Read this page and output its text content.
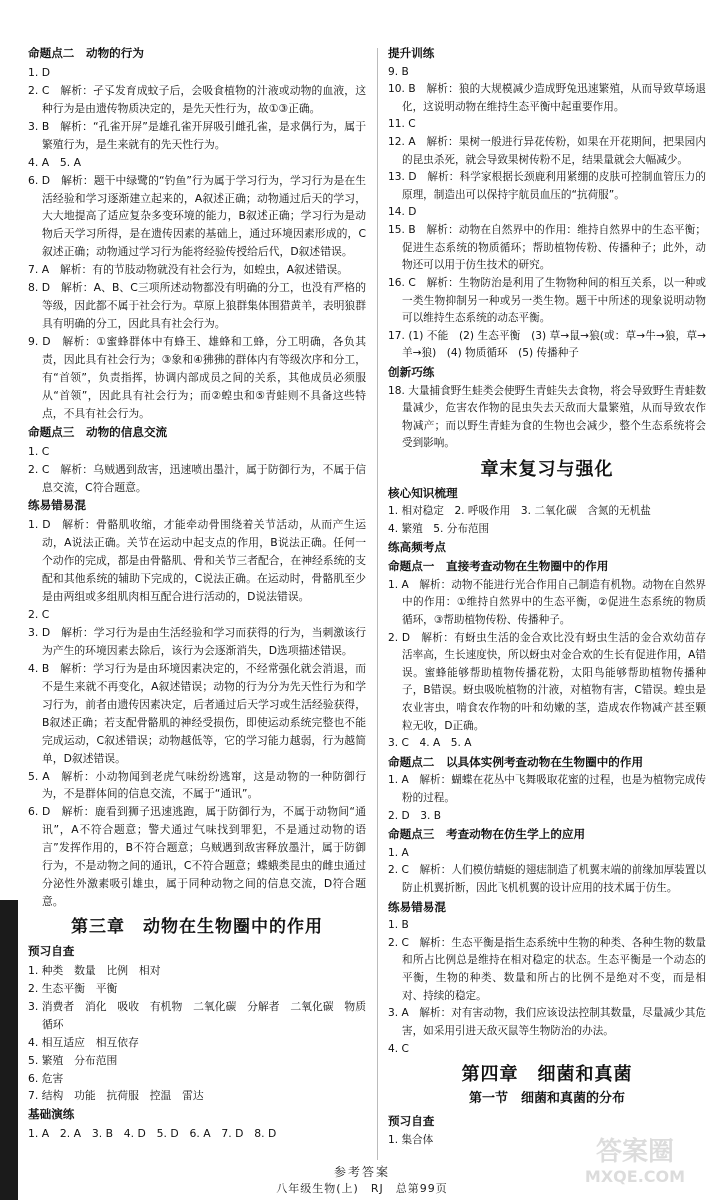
命题点二　动物的行为
1. D
2. C　解析：孑孓发育成蚊子后，会吸食植物的汁液或动物的血液，这种行为是由遗传物质决定的，是先天性行为，故①③正确。
3. B　解析：“孔雀开屏”是雄孔雀开屏吸引雌孔雀，是求偶行为，属于繁殖行为，是生来就有的先天性行为。
4. A　5. A
6. D　解析：题干中绿鹭的“钓鱼”行为属于学习行为，学习行为是在生活经验和学习逐渐建立起来的，A叙述正确；动物通过后天的学习，大大地提高了适应复杂多变环境的能力，B叙述正确；学习行为是动物后天学习所得，是在遗传因素的基础上，通过环境因素形成的，C叙述正确；动物通过学习行为能将经验传授给后代，D叙述错误。
7. A　解析：有的节肢动物就没有社会行为，如蝗虫，A叙述错误。
8. D　解析：A、B、C三项所述动物都没有明确的分工，也没有严格的等级，因此都不属于社会行为。草原上狼群集体围猎黄羊，表明狼群具有明确的分工，因此具有社会行为。
9. D　解析：①蜜蜂群体中有蜂王、雄蜂和工蜂，分工明确，各负其责，因此具有社会行为；③象和④狒狒的群体内有等级次序和分工，有“首领”，负责指挥，协调内部成员之间的关系，其他成员必须服从“首领”，因此具有社会行为；而②蝗虫和⑤青蛙则不具备这些特点，不具有社会行为。
命题点三　动物的信息交流
1. C
2. C　解析：乌贼遇到敌害，迅速喷出墨汁，属于防御行为，不属于信息交流，C符合题意。
练易错易混
1. D　解析：骨骼肌收缩，才能牵动骨围绕着关节活动，从而产生运动，A说法正确。关节在运动中起支点的作用，B说法正确。任何一个动作的完成，都是由骨骼肌、骨和关节三者配合，在神经系统的支配和其他系统的辅助下完成的，C说法正确。在运动时，骨骼肌至少是由两组或多组肌肉相互配合进行活动的，D说法错误。
2. C
3. D　解析：学习行为是由生活经验和学习而获得的行为，当刺激该行为产生的环境因素去除后，该行为会逐渐消失，D选项描述错误。
4. B　解析：学习行为是由环境因素决定的，不经常强化就会消退，而不是生来就不再变化，A叙述错误；动物的行为分为先天性行为和学习行为，前者由遗传因素决定，后者通过后天学习或生活经验获得，B叙述正确；若支配骨骼肌的神经受损伤，即使运动系统完整也不能完成运动，C叙述错误；动物越低等，它的学习能力越弱，行为越简单，D叙述错误。
5. A　解析：小动物闻到老虎气味纷纷逃窜，这是动物的一种防御行为，不是群体间的信息交流，不属于“通讯”。
6. D　解析：鹿看到狮子迅速逃跑，属于防御行为，不属于动物间“通讯”，A不符合题意；警犬通过气味找到罪犯，不是通过动物的语言”发挥作用的，B不符合题意；乌贼遇到敌害释放墨汁，属于防御行为，不是动物之间的通讯，C不符合题意；蝶蛾类昆虫的雌虫通过分泌性外激素吸引雄虫，属于同种动物之间的信息交流，D符合题意。
第三章　动物在生物圈中的作用
预习自查
1. 种类　数量　比例　相对
2. 生态平衡　平衡
3. 消费者　消化　吸收　有机物　二氧化碳　分解者　二氧化碳　物质循环
4. 相互适应　相互依存
5. 繁殖　分布范围
6. 危害
7. 结构　功能　抗荷服　控温　雷达
基础演练
1. A　2. A　3. B　4. D　5. D　6. A　7. D　8. D
提升训练
9. B
10. B　解析：狼的大规模减少造成野兔迅速繁殖，从而导致草场退化，这说明动物在维持生态平衡中起重要作用。
11. C
12. A　解析：果树一般进行异花传粉，如果在开花期间，把果园内的昆虫杀死，就会导致果树传粉不足，结果量就会大幅减少。
13. D　解析：科学家根据长颈鹿利用紧绷的皮肤可控制血管压力的原理，制造出可以保持宇航员血压的“抗荷服”。
14. D
15. B　解析：动物在自然界中的作用：维持自然界中的生态平衡；促进生态系统的物质循环；帮助植物传粉、传播种子；此外，动物还可以用于仿生技术的研究。
16. C　解析：生物防治是利用了生物物种间的相互关系，以一种或一类生物抑制另一种或另一类生物。题干中所述的现象说明动物可以维持生态系统的动态平衡。
17. (1) 不能　(2) 生态平衡　(3) 草→鼠→狼(或：草→牛→狼，草→羊→狼)　(4) 物质循环　(5) 传播种子
创新巧练
18. 大量捕食野生蛙类会使野生青蛙失去食物，将会导致野生青蛙数量减少，危害农作物的昆虫失去天敌而大量繁殖，从而导致农作物减产；而以野生青蛙为食的生物也会减少，整个生态系统将会受到影响。
章末复习与强化
核心知识梳理
1. 相对稳定　2. 呼吸作用　3. 二氧化碳　含氮的无机盐
4. 繁殖　5. 分布范围
练高频考点
命题点一　直接考查动物在生物圈中的作用
1. A　解析：动物不能进行光合作用自己制造有机物。动物在自然界中的作用：①维持自然界中的生态平衡，②促进生态系统的物质循环，③帮助植物传粉、传播种子。
2. D　解析：有蚜虫生活的金合欢比没有蚜虫生活的金合欢幼苗存活率高，生长速度快，所以蚜虫对金合欢的生长有促进作用，A错误。蜜蜂能够帮助植物传播花粉，太阳鸟能够帮助植物传播种子，B错误。蚜虫吸吮植物的汁液，对植物有害，C错误。蝗虫是农业害虫，啃食农作物的叶和幼嫩的茎，造成农作物减产甚至颗粒无收，D正确。
3. C　4. A　5. A
命题点二　以具体实例考查动物在生物圈中的作用
1. A　解析：蝴蝶在花丛中飞舞吸取花蜜的过程，也是为植物完成传粉的过程。
2. D　3. B
命题点三　考查动物在仿生学上的应用
1. A
2. C　解析：人们模仿蜻蜓的翅痣制造了机翼末端的前缘加厚装置以防止机翼折断，因此飞机机翼的设计应用的技术属于仿生。
练易错易混
1. B
2. C　解析：生态平衡是指生态系统中生物的种类、各种生物的数量和所占比例总是维持在相对稳定的状态。生态平衡是一个动态的平衡，生物的种类、数量和所占的比例不是绝对不变，而是相对、持续的稳定。
3. A　解析：对有害动物，我们应该设法控制其数量，尽量减少其危害，如采用引进天敌灭鼠等生物防治的办法。
4. C
第四章　细菌和真菌
第一节　细菌和真菌的分布
预习自查
1. 集合体
参考答案
八年级生物(上)　RJ　总第99页
答案圈
MXQE.COM
